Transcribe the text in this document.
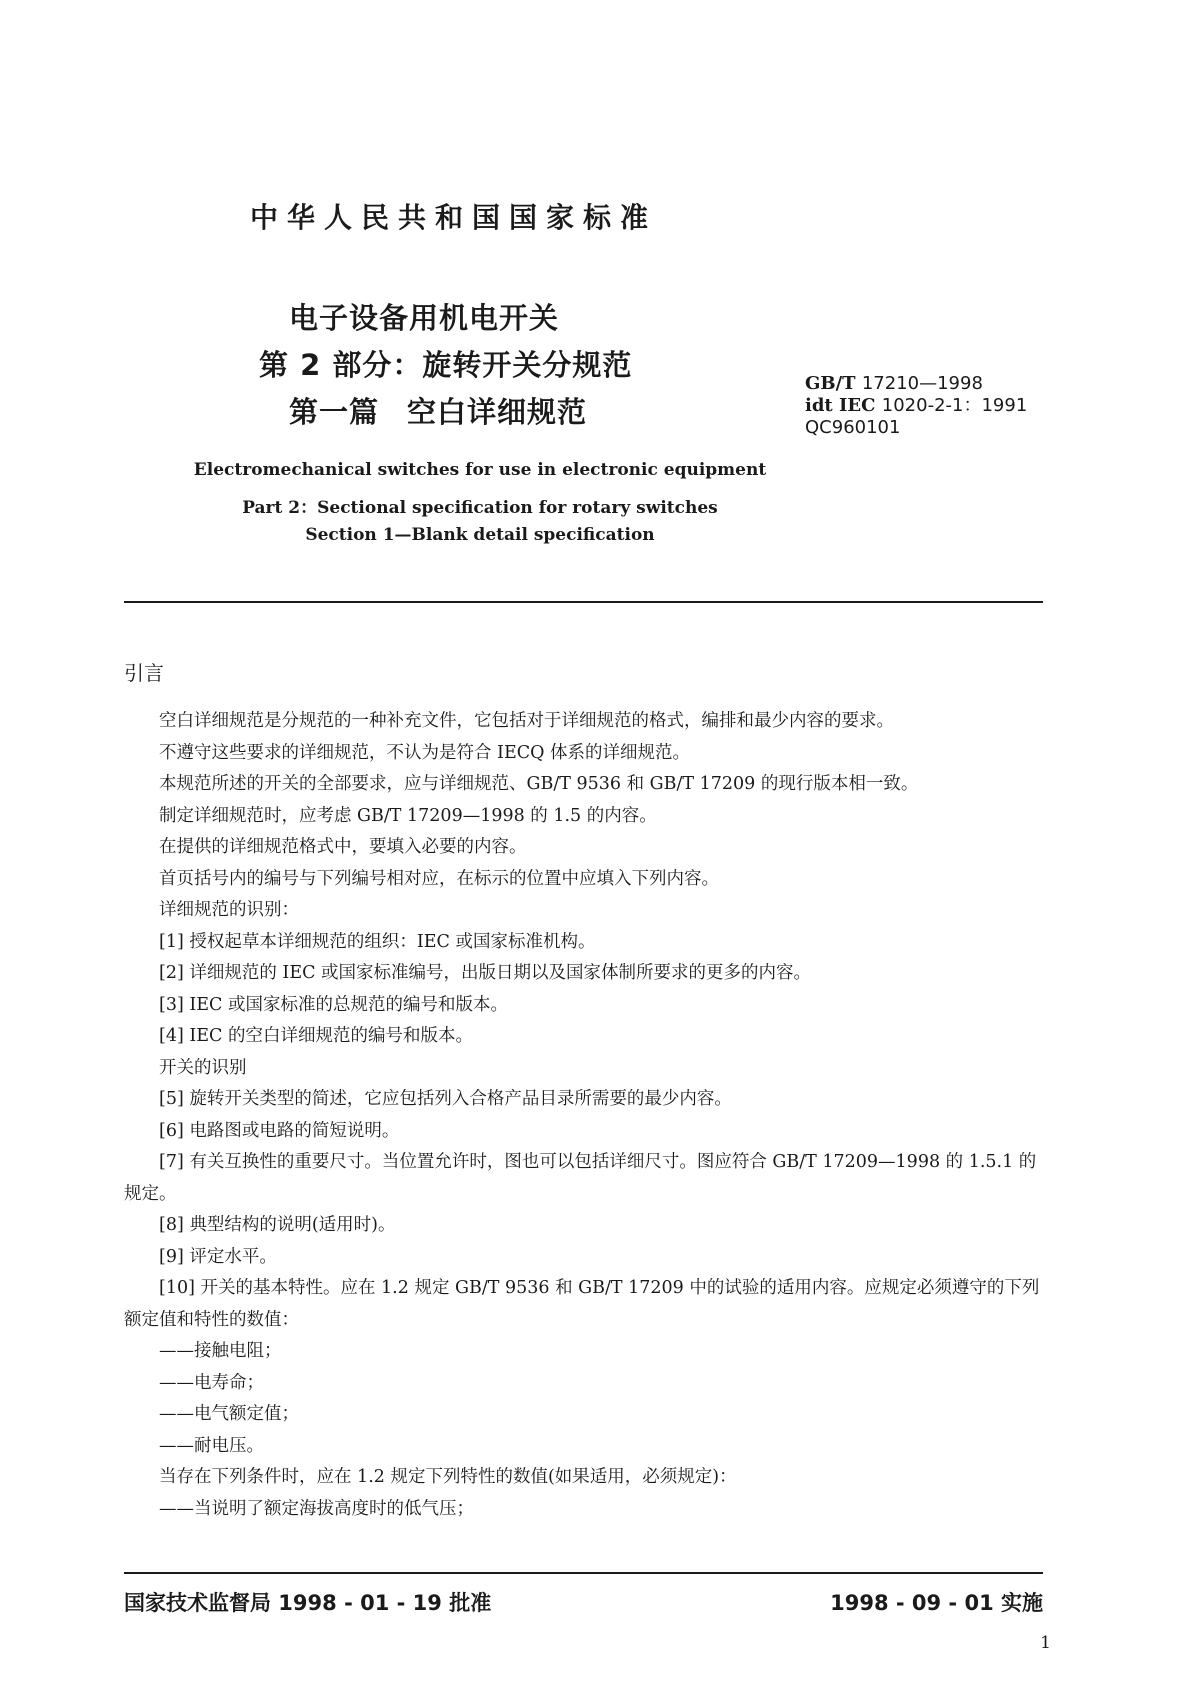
中华人民共和国国家标准
电子设备用机电开关
第 2 部分：旋转开关分规范
第一篇 空白详细规范
GB/T 17210—1998
idt IEC 1020-2-1：1991
QC960101
Electromechanical switches for use in electronic equipment
Part 2：Sectional specification for rotary switches
Section 1—Blank detail specification
引言

空白详细规范是分规范的一种补充文件，它包括对于详细规范的格式，编排和最少内容的要求。

不遵守这些要求的详细规范，不认为是符合 IECQ 体系的详细规范。

本规范所述的开关的全部要求，应与详细规范、GB/T 9536 和 GB/T 17209 的现行版本相一致。

制定详细规范时，应考虑 GB/T 17209—1998 的 1.5 的内容。

在提供的详细规范格式中，要填入必要的内容。

首页括号内的编号与下列编号相对应，在标示的位置中应填入下列内容。

详细规范的识别：

[1] 授权起草本详细规范的组织：IEC 或国家标准机构。

[2] 详细规范的 IEC 或国家标准编号，出版日期以及国家体制所要求的更多的内容。

[3] IEC 或国家标准的总规范的编号和版本。

[4] IEC 的空白详细规范的编号和版本。

开关的识别

[5] 旋转开关类型的简述，它应包括列入合格产品目录所需要的最少内容。

[6] 电路图或电路的简短说明。

[7] 有关互换性的重要尺寸。当位置允许时，图也可以包括详细尺寸。图应符合 GB/T 17209—1998 的 1.5.1 的规定。

[8] 典型结构的说明(适用时)。

[9] 评定水平。

[10] 开关的基本特性。应在 1.2 规定 GB/T 9536 和 GB/T 17209 中的试验的适用内容。应规定必须遵守的下列额定值和特性的数值：

——接触电阻；

——电寿命；

——电气额定值；

——耐电压。

当存在下列条件时，应在 1.2 规定下列特性的数值(如果适用，必须规定)：

——当说明了额定海拔高度时的低气压；

国家技术监督局 1998 - 01 - 19 批准	1998 - 09 - 01 实施
1
